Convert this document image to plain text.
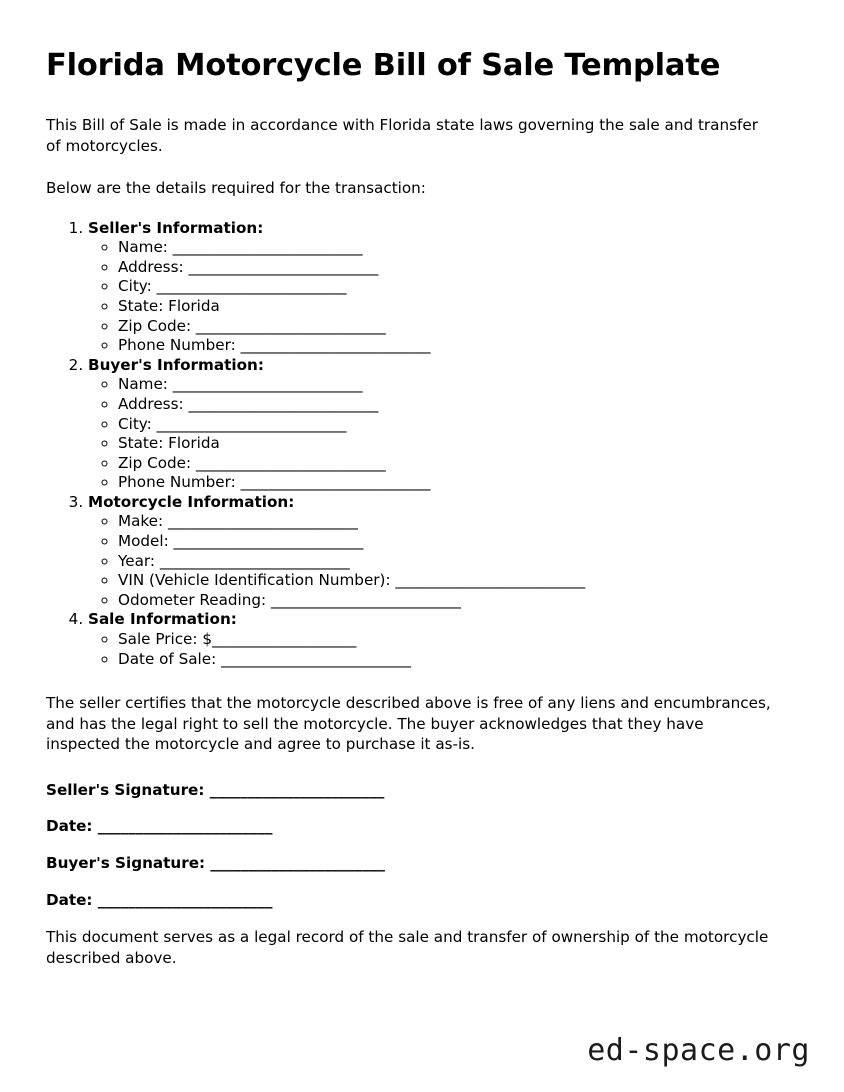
Florida Motorcycle Bill of Sale Template

This Bill of Sale is made in accordance with Florida state laws governing the sale and transfer of motorcycles.

Below are the details required for the transaction:

1. Seller's Information:
◦ Name: _________________________
◦ Address: _________________________
◦ City: _________________________
◦ State: Florida
◦ Zip Code: _________________________
◦ Phone Number: _________________________
2. Buyer's Information:
◦ Name: _________________________
◦ Address: _________________________
◦ City: _________________________
◦ State: Florida
◦ Zip Code: _________________________
◦ Phone Number: _________________________
3. Motorcycle Information:
◦ Make: _________________________
◦ Model: _________________________
◦ Year: _________________________
◦ VIN (Vehicle Identification Number): _________________________
◦ Odometer Reading: _________________________
4. Sale Information:
◦ Sale Price: $___________________
◦ Date of Sale: _________________________

The seller certifies that the motorcycle described above is free of any liens and encumbrances, and has the legal right to sell the motorcycle. The buyer acknowledges that they have inspected the motorcycle and agree to purchase it as-is.

Seller's Signature: _______________________
Date: _______________________
Buyer's Signature: _______________________
Date: _______________________

This document serves as a legal record of the sale and transfer of ownership of the motorcycle described above.

ed-space.org
